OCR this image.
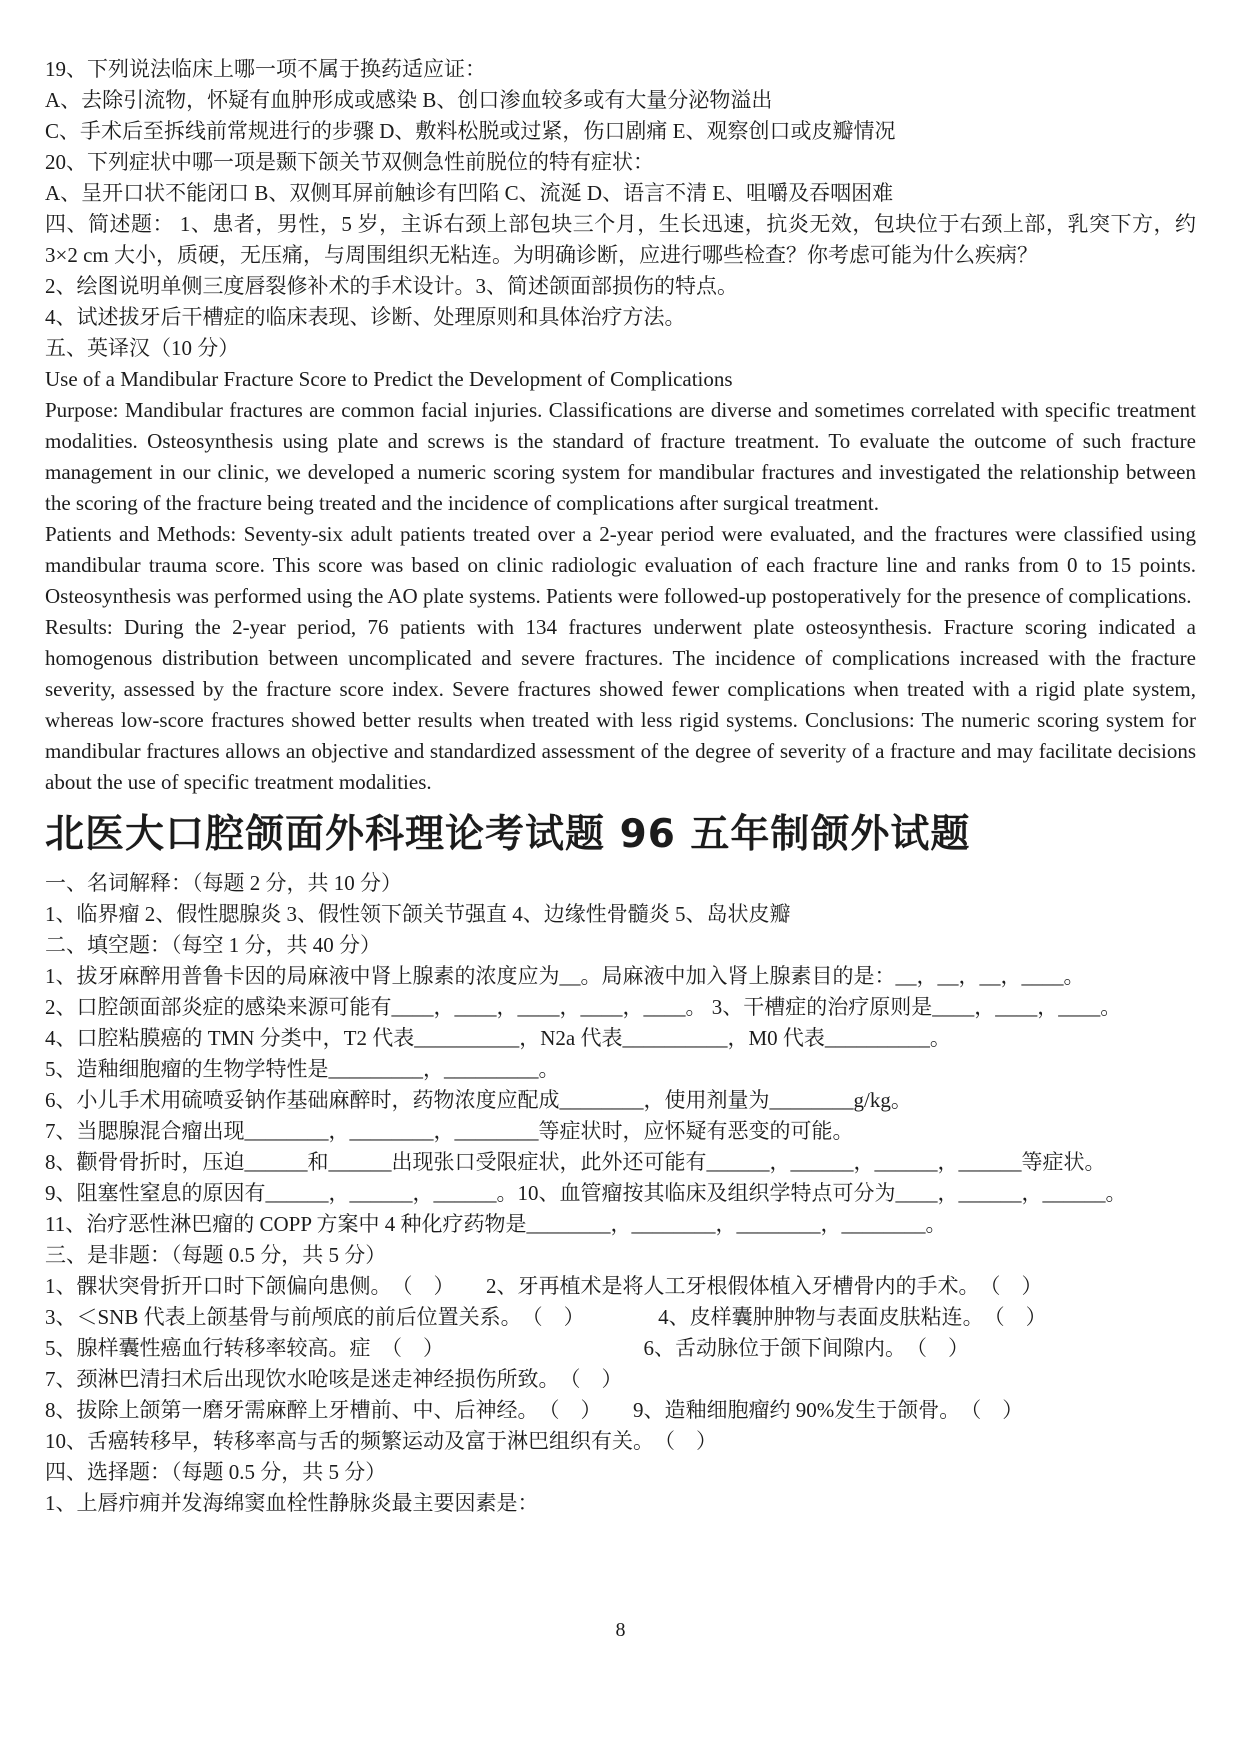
19、下列说法临床上哪一项不属于换药适应证：

A、去除引流物，怀疑有血肿形成或感染 B、创口渗血较多或有大量分泌物溢出

C、手术后至拆线前常规进行的步骤 D、敷料松脱或过紧，伤口剧痛 E、观察创口或皮瓣情况

20、下列症状中哪一项是颞下颌关节双侧急性前脱位的特有症状：

A、呈开口状不能闭口 B、双侧耳屏前触诊有凹陷 C、流涎 D、语言不清 E、咀嚼及吞咽困难

四、简述题： 1、患者，男性，5 岁，主诉右颈上部包块三个月，生长迅速，抗炎无效，包块位于右颈上部，乳突下方，约 3×2 cm 大小，质硬，无压痛，与周围组织无粘连。为明确诊断，应进行哪些检查？你考虑可能为什么疾病？

2、绘图说明单侧三度唇裂修补术的手术设计。3、简述颌面部损伤的特点。

4、试述拔牙后干槽症的临床表现、诊断、处理原则和具体治疗方法。

五、英译汉（10 分）

Use of a Mandibular Fracture Score to Predict the Development of Complications

Purpose: Mandibular fractures are common facial injuries. Classifications are diverse and sometimes correlated with specific treatment modalities. Osteosynthesis using plate and screws is the standard of fracture treatment. To evaluate the outcome of such fracture management in our clinic, we developed a numeric scoring system for mandibular fractures and investigated the relationship between the scoring of the fracture being treated and the incidence of complications after surgical treatment.

Patients and Methods: Seventy-six adult patients treated over a 2-year period were evaluated, and the fractures were classified using mandibular trauma score. This score was based on clinic radiologic evaluation of each fracture line and ranks from 0 to 15 points. Osteosynthesis was performed using the AO plate systems. Patients were followed-up postoperatively for the presence of complications.

Results: During the 2-year period, 76 patients with 134 fractures underwent plate osteosynthesis. Fracture scoring indicated a homogenous distribution between uncomplicated and severe fractures. The incidence of complications increased with the fracture severity, assessed by the fracture score index. Severe fractures showed fewer complications when treated with a rigid plate system, whereas low-score fractures showed better results when treated with less rigid systems. Conclusions: The numeric scoring system for mandibular fractures allows an objective and standardized assessment of the degree of severity of a fracture and may facilitate decisions about the use of specific treatment modalities.

北医大口腔颌面外科理论考试题 96 五年制颌外试题

一、名词解释：（每题 2 分，共 10 分）

1、临界瘤 2、假性腮腺炎 3、假性领下颌关节强直 4、边缘性骨髓炎 5、岛状皮瓣

二、填空题：（每空 1 分，共 40 分）

1、拔牙麻醉用普鲁卡因的局麻液中肾上腺素的浓度应为__。局麻液中加入肾上腺素目的是：__，__，__，____。

2、口腔颌面部炎症的感染来源可能有____，____，____，____，____。 3、干槽症的治疗原则是____，____，____。

4、口腔粘膜癌的 TMN 分类中，T2 代表__________，N2a 代表__________，M0 代表__________。

5、造釉细胞瘤的生物学特性是_________，_________。

6、小儿手术用硫喷妥钠作基础麻醉时，药物浓度应配成________，使用剂量为________g/kg。

7、当腮腺混合瘤出现________，________，________等症状时，应怀疑有恶变的可能。

8、颧骨骨折时，压迫______和______出现张口受限症状，此外还可能有______，______，______，______等症状。

9、阻塞性窒息的原因有______，______，______。10、血管瘤按其临床及组织学特点可分为____，______，______。

11、治疗恶性淋巴瘤的 COPP 方案中 4 种化疗药物是________，________，________，________。

三、是非题：（每题 0.5 分，共 5 分）

1、髁状突骨折开口时下颌偏向患侧。　（　）　　2、牙再植术是将人工牙根假体植入牙槽骨内的手术。　（　）

3、＜SNB 代表上颌基骨与前颅底的前后位置关系。　（　）　　　　4、皮样囊肿肿物与表面皮肤粘连。　（　）

5、腺样囊性癌血行转移率较高。症　（　）　　　　　　　　　　6、舌动脉位于颌下间隙内。　（　）

7、颈淋巴清扫术后出现饮水呛咳是迷走神经损伤所致。　（　）

8、拔除上颌第一磨牙需麻醉上牙槽前、中、后神经。　（　）　　9、造釉细胞瘤约 90%发生于颌骨。　（　）

10、舌癌转移早，转移率高与舌的频繁运动及富于淋巴组织有关。　（　）

四、选择题：（每题 0.5 分，共 5 分）

1、上唇疖痈并发海绵窦血栓性静脉炎最主要因素是：

8
